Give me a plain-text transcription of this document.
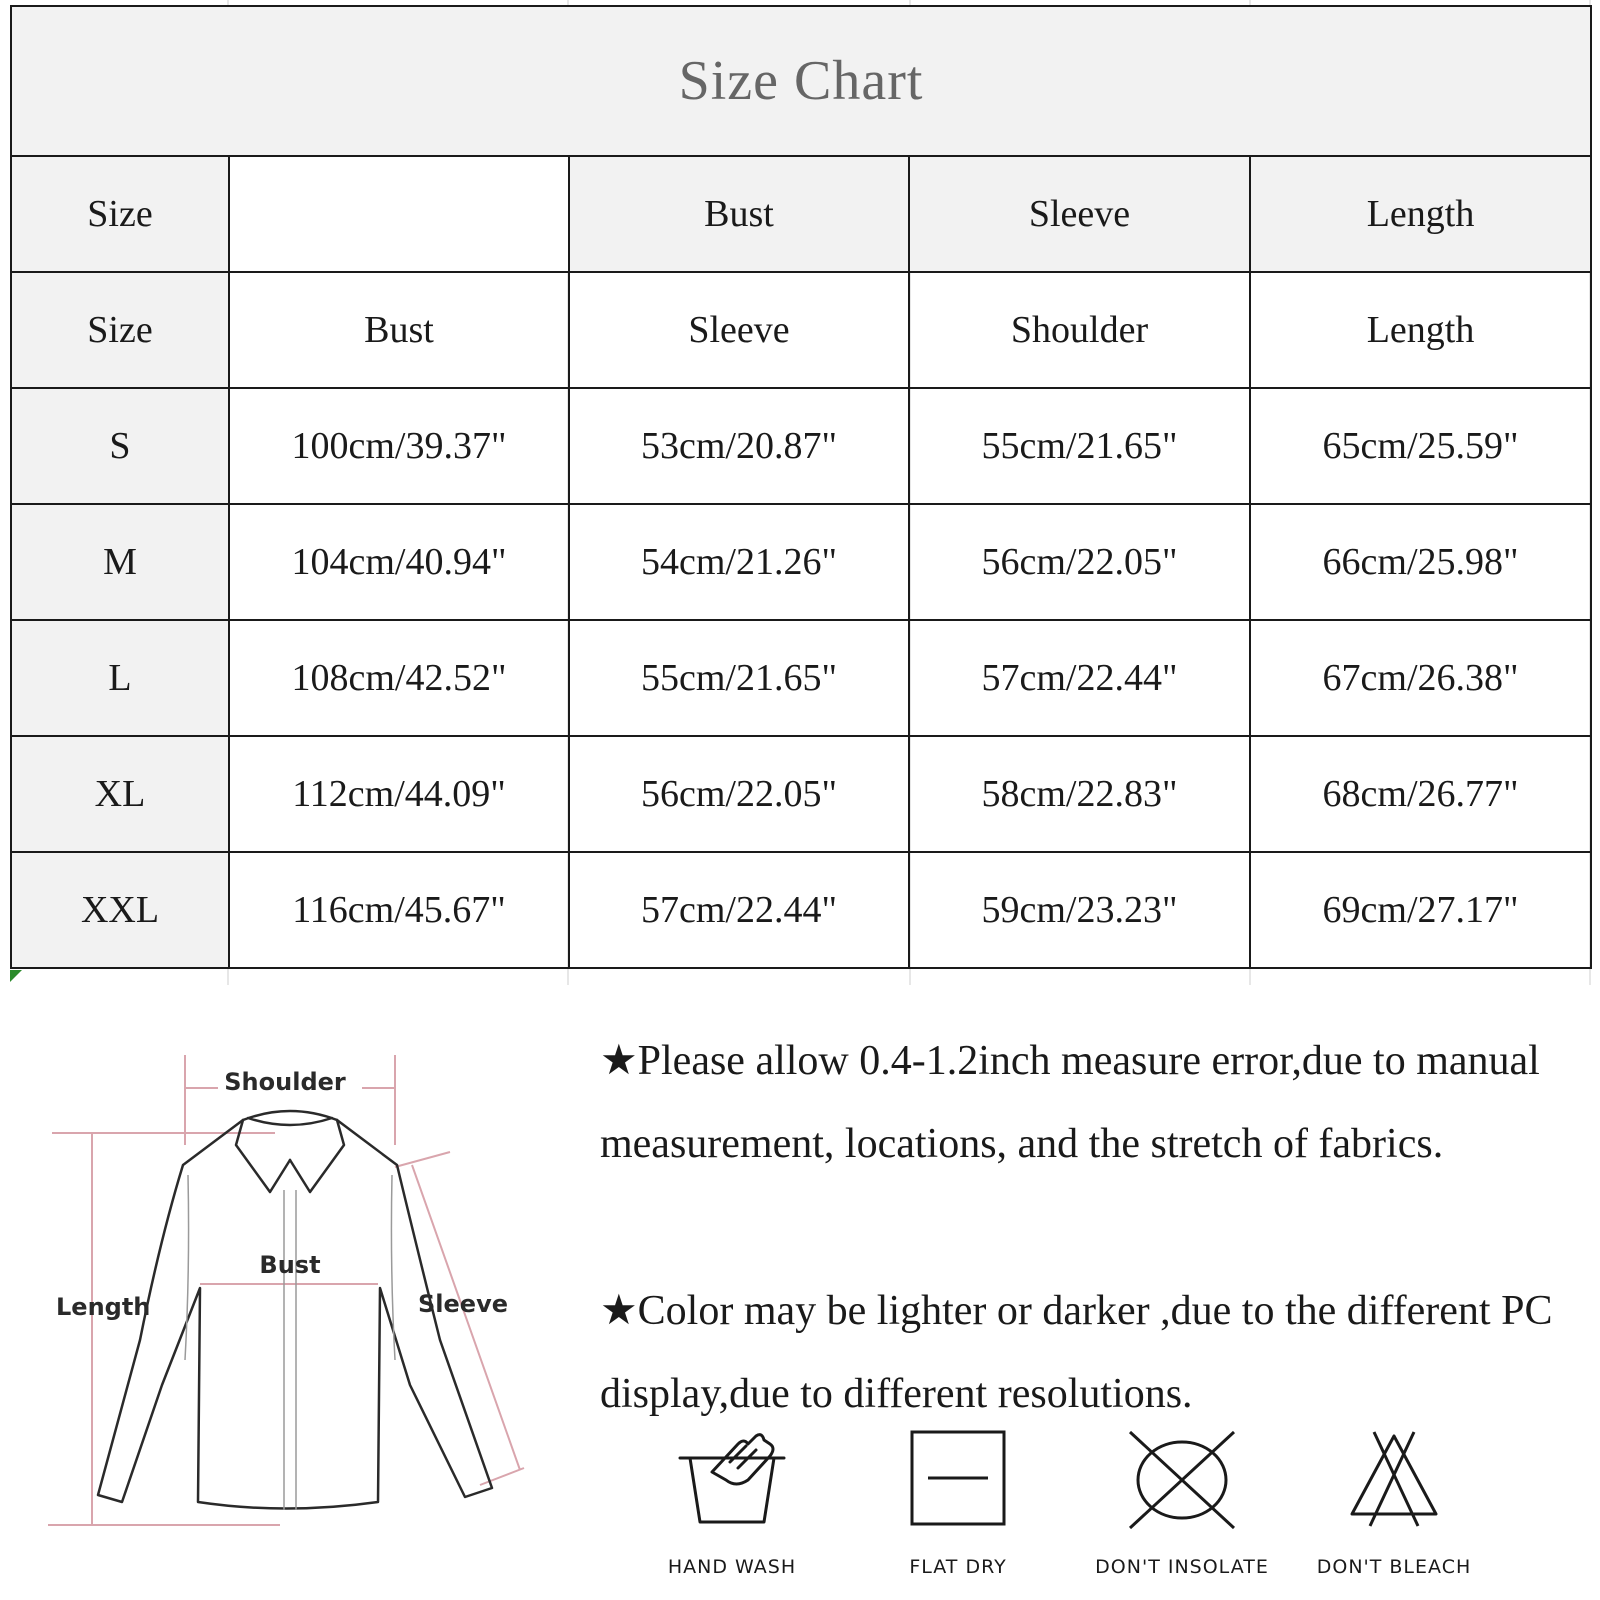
Size Chart				
Size		Bust	Sleeve	Length
Size	Bust	Sleeve	Shoulder	Length
S	100cm/39.37"	53cm/20.87"	55cm/21.65"	65cm/25.59"
M	104cm/40.94"	54cm/21.26"	56cm/22.05"	66cm/25.98"
L	108cm/42.52"	55cm/21.65"	57cm/22.44"	67cm/26.38"
XL	112cm/44.09"	56cm/22.05"	58cm/22.83"	68cm/26.77"
XXL	116cm/45.67"	57cm/22.44"	59cm/23.23"	69cm/27.17"
Shoulder
Bust
Length	Sleeve
★Please allow 0.4-1.2inch measure error,due to manual measurement, locations, and the stretch of fabrics.
★Color may be lighter or darker ,due to the different PC display,due to different resolutions.
HAND WASH	FLAT DRY	DON'T INSOLATE	DON'T BLEACH
